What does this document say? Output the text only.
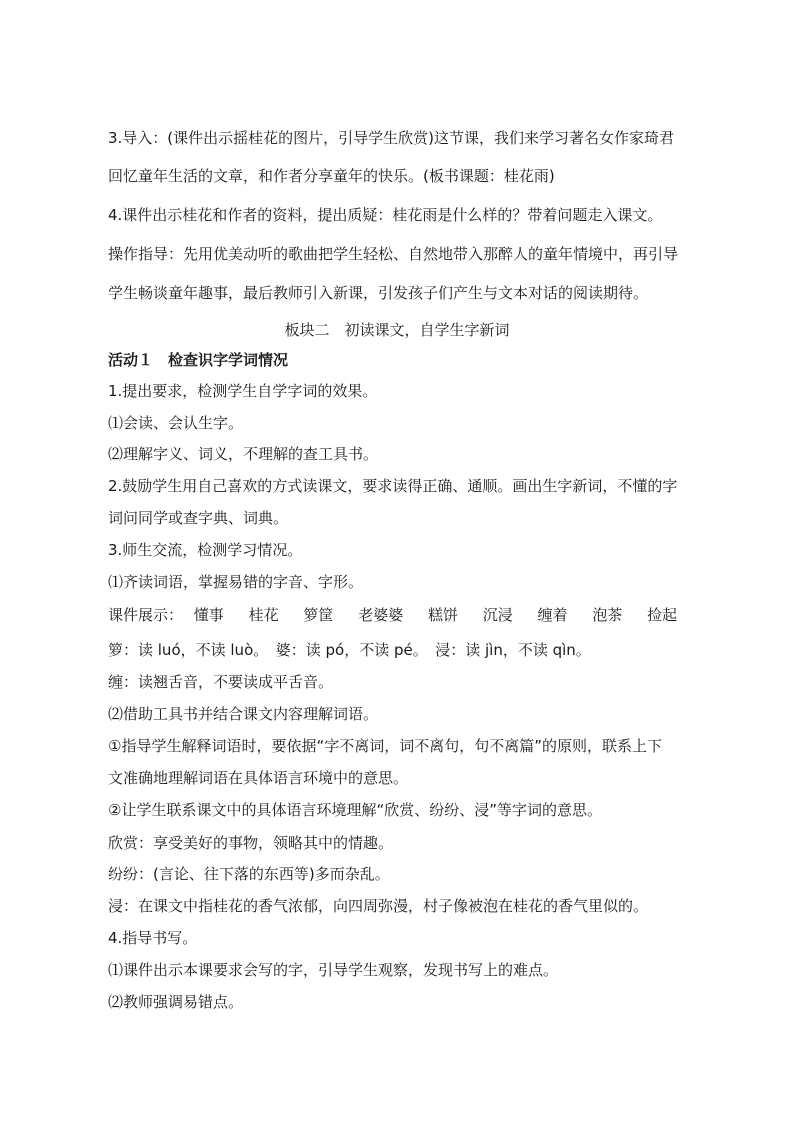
3.导入：(课件出示摇桂花的图片，引导学生欣赏)这节课，我们来学习著名女作家琦君
回忆童年生活的文章，和作者分享童年的快乐。(板书课题：桂花雨)
4.课件出示桂花和作者的资料，提出质疑：桂花雨是什么样的？带着问题走入课文。
操作指导：先用优美动听的歌曲把学生轻松、自然地带入那醉人的童年情境中，再引导
学生畅谈童年趣事，最后教师引入新课，引发孩子们产生与文本对话的阅读期待。
板块二　初读课文，自学生字新词
活动１　检查识字学词情况
1.提出要求，检测学生自学字词的效果。
⑴会读、会认生字。
⑵理解字义、词义，不理解的查工具书。
2.鼓励学生用自己喜欢的方式读课文，要求读得正确、通顺。画出生字新词，不懂的字
词问同学或查字典、词典。
3.师生交流，检测学习情况。
⑴齐读词语，掌握易错的字音、字形。
课件展示： 懂事 桂花 箩筐 老婆婆 糕饼 沉浸 缠着 泡茶 捡起
箩：读 luó，不读 luò。　婆：读 pó，不读 pé。　浸：读 jìn，不读 qìn。
缠：读翘舌音，不要读成平舌音。
⑵借助工具书并结合课文内容理解词语。
①指导学生解释词语时，要依据“字不离词，词不离句，句不离篇”的原则，联系上下
文准确地理解词语在具体语言环境中的意思。
②让学生联系课文中的具体语言环境理解“欣赏、纷纷、浸”等字词的意思。
欣赏：享受美好的事物，领略其中的情趣。
纷纷：(言论、往下落的东西等)多而杂乱。
浸：在课文中指桂花的香气浓郁，向四周弥漫，村子像被泡在桂花的香气里似的。
4.指导书写。
⑴课件出示本课要求会写的字，引导学生观察，发现书写上的难点。
⑵教师强调易错点。
